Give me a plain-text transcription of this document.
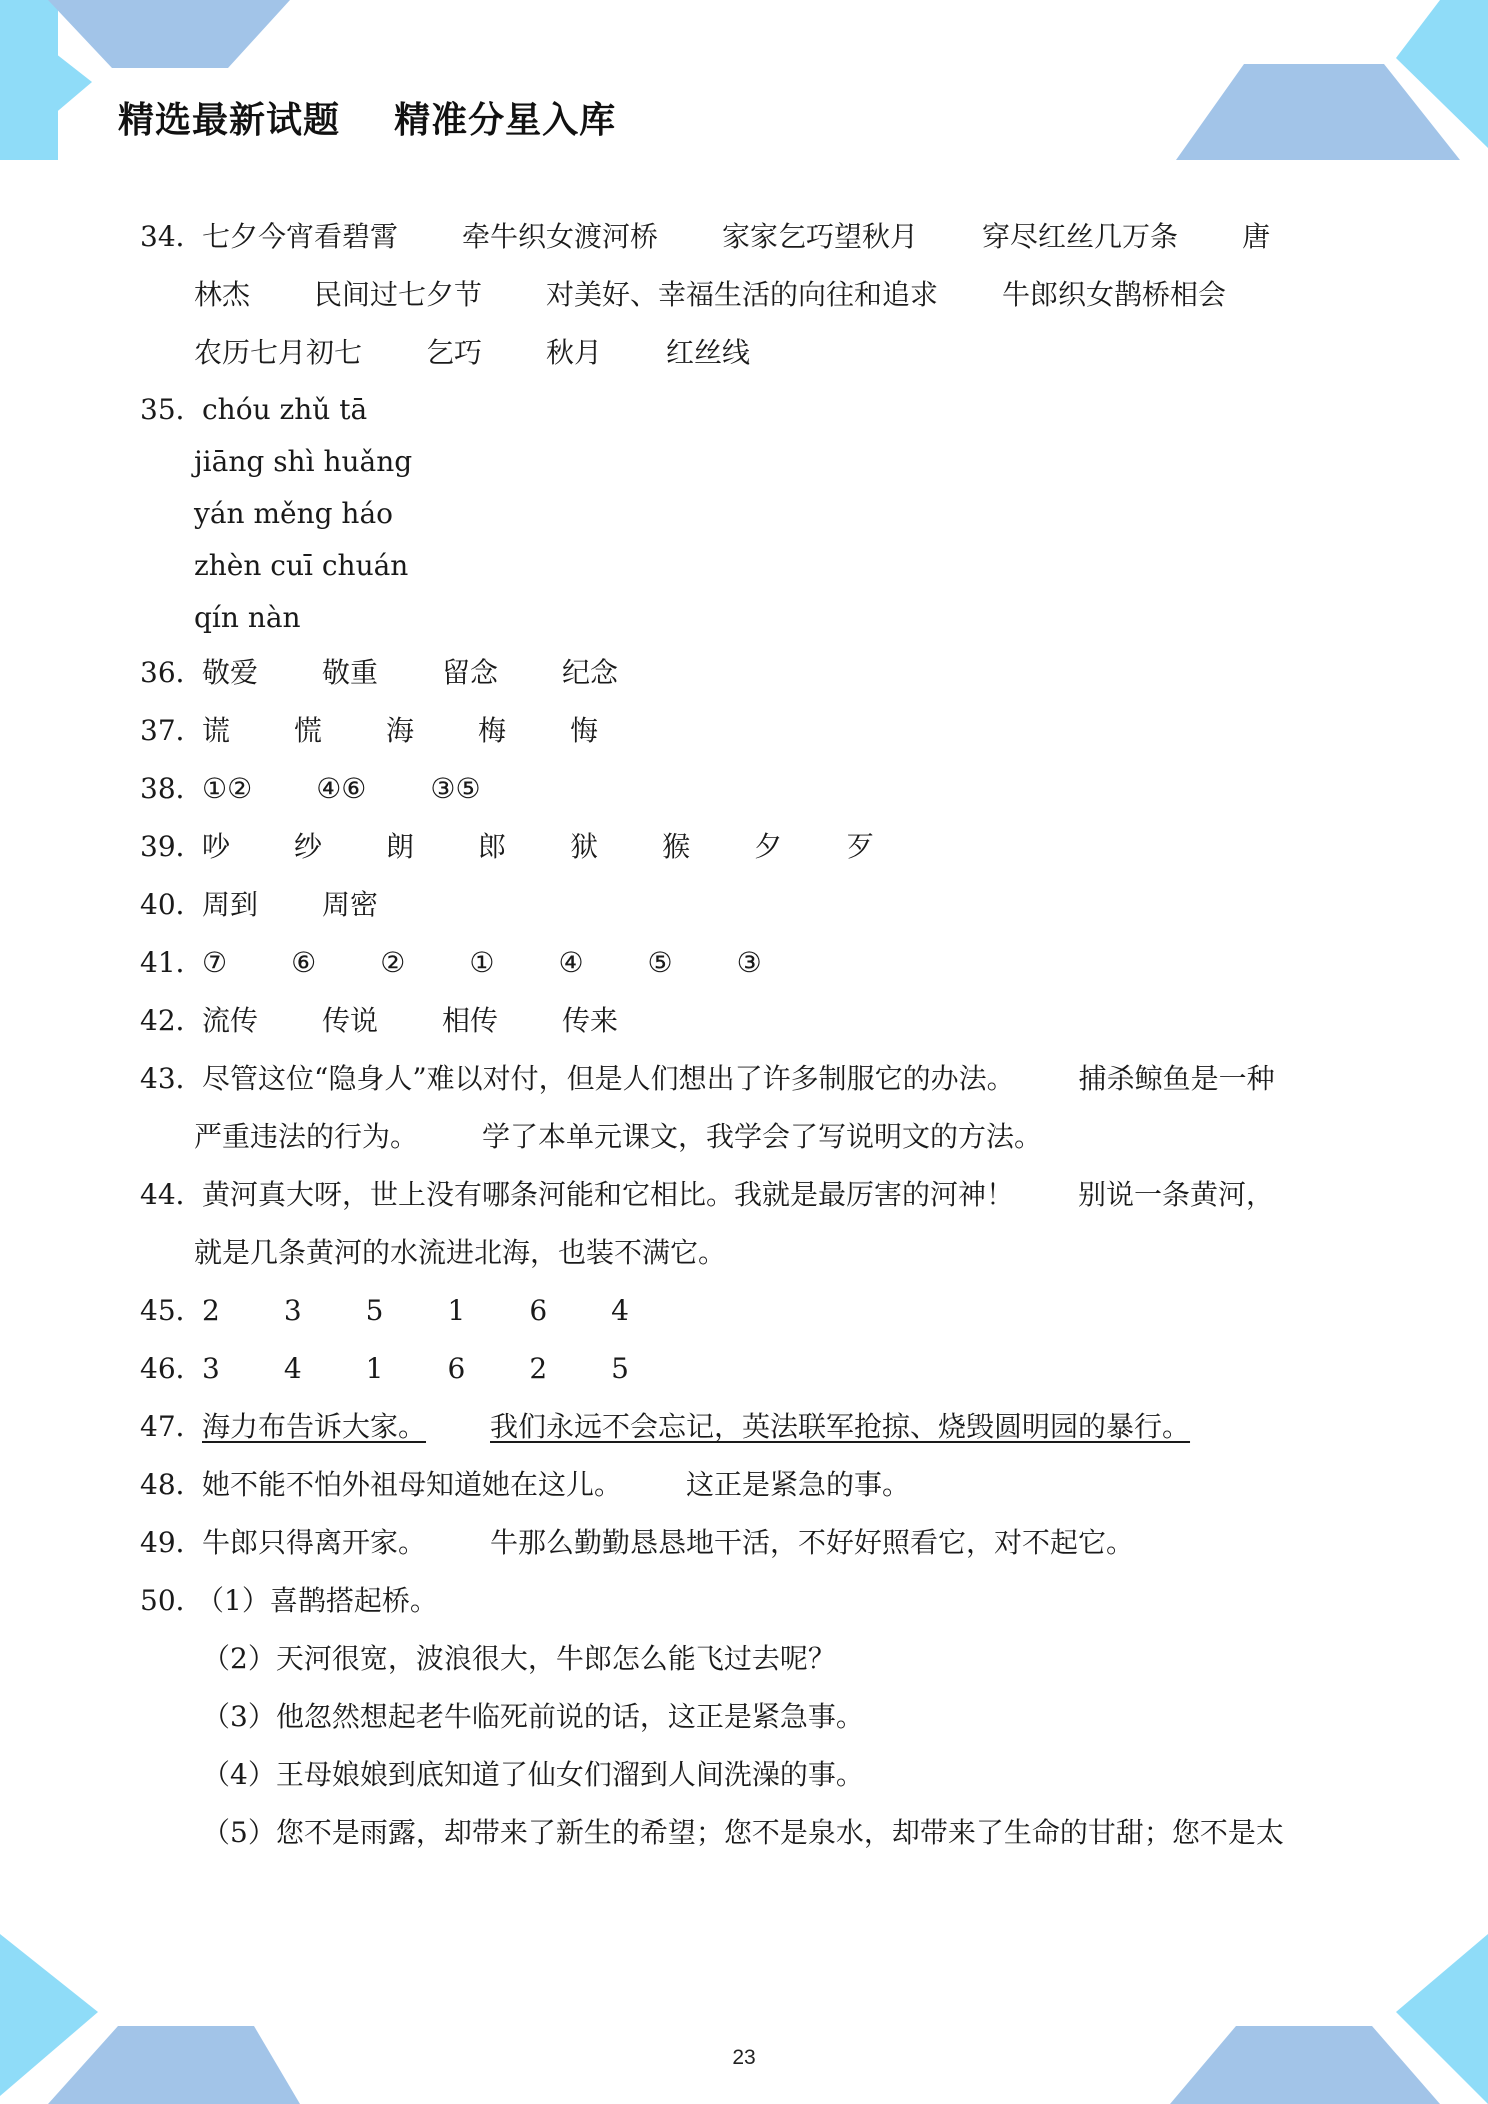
精选最新试题    精准分星入库
34．
七夕今宵看碧霄 牵牛织女渡河桥 家家乞巧望秋月 穿尽红丝几万条 唐
林杰 民间过七夕节 对美好、幸福生活的向往和追求 牛郎织女鹊桥相会
农历七月初七 乞巧 秋月 红丝线
35．
chóu zhǔ tā
jiāng shì huǎng
yán měng háo
zhèn cuī chuán
qín nàn
36．
敬爱 敬重 留念 纪念
37．
谎 慌 海 梅 悔
38．
①② ④⑥ ③⑤
39．
吵 纱 朗 郎 狱 猴 夕 歹
40．
周到 周密
41．
⑦ ⑥ ② ① ④ ⑤ ③
42．
流传 传说 相传 传来
43．
尽管这位“隐身人”难以对付，但是人们想出了许多制服它的办法。 捕杀鲸鱼是一种
严重违法的行为。 学了本单元课文，我学会了写说明文的方法。
44．
黄河真大呀，世上没有哪条河能和它相比。我就是最厉害的河神！ 别说一条黄河，
就是几条黄河的水流进北海，也装不满它。
45．
2 3 5 1 6 4
46．
3 4 1 6 2 5
47．
海力布告诉大家。 我们永远不会忘记，英法联军抢掠、烧毁圆明园的暴行。
48．
她不能不怕外祖母知道她在这儿。 这正是紧急的事。
49．
牛郎只得离开家。 牛那么勤勤恳恳地干活，不好好照看它，对不起它。
50．
（1）喜鹊搭起桥。
（2）天河很宽，波浪很大，牛郎怎么能飞过去呢？
（3）他忽然想起老牛临死前说的话，这正是紧急事。
（4）王母娘娘到底知道了仙女们溜到人间洗澡的事。
（5）您不是雨露，却带来了新生的希望；您不是泉水，却带来了生命的甘甜；您不是太
23
